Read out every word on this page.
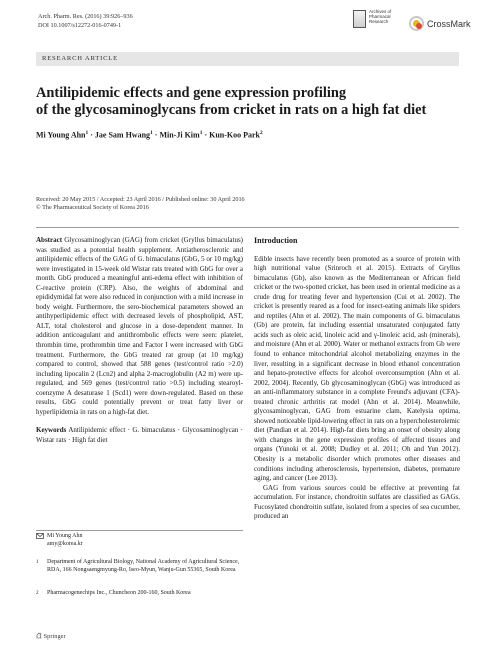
Arch. Pharm. Res. (2016) 39:926–936
DOI 10.1007/s12272-016-0749-1
Archives of
Pharmacal
Research	CrossMark
RESEARCH ARTICLE
Antilipidemic effects and gene expression profiling
of the glycosaminoglycans from cricket in rats on a high fat diet
Mi Young Ahn$^1$ · Jae Sam Hwang$^1$ · Min-Ji Kim$^1$ · Kun-Koo Park$^2$
Received: 20 May 2015 / Accepted: 23 April 2016 / Published online: 30 April 2016
© The Pharmaceutical Society of Korea 2016
Abstract Glycosaminoglycan (GAG) from cricket (Gryllus bimaculatus) was studied as a potential health supplement. Antiatherosclerotic and antilipidemic effects of the GAG of G. bimaculatus (GbG, 5 or 10 mg/kg) were investigated in 15-week old Wistar rats treated with GbG for over a month. GbG produced a meaningful anti-edema effect with inhibition of C-reactive protein (CRP). Also, the weights of abdominal and epididymidal fat were also reduced in conjunction with a mild increase in body weight. Furthermore, the sero-biochemical parameters showed an antihyperlipidemic effect with decreased levels of phospholipid, AST, ALT, total cholesterol and glucose in a dose-dependent manner. In addition anticoagulant and antithrombolic effects were seen: platelet, thrombin time, prothrombin time and Factor I were increased with GbG treatment. Furthermore, the GbG treated rat group (at 10 mg/kg) compared to control, showed that 588 genes (test/control ratio >2.0) including lipocalin 2 (Lcn2) and alpha 2-macroglobulin (A2 m) were up-regulated, and 569 genes (test/control ratio >0.5) including stearoyl-coenzyme A desaturase 1 (Scd1) were down-regulated. Based on these results, GbG could potentially prevent or treat fatty liver or hyperlipidemia in rats on a high-fat diet.
Keywords Antilipidemic effect · G. bimaculatus · Glycosaminoglycan · Wistar rats · High fat diet
Mi Young Ahn
amy@korea.kr
1	Department of Agricultural Biology, National Academy of Agricultural Science, RDA, 166 Nongsaengmyung-Ro, Iseo-Myun, Wanju-Gun 55365, South Korea
2	Pharmacogenechips Inc., Chuncheon 200-160, South Korea
Introduction

Edible insects have recently been promoted as a source of protein with high nutritional value (Srinroch et al. 2015). Extracts of Gryllus bimaculatus (Gb), also known as the Mediterranean or African field cricket or the two-spotted cricket, has been used in oriental medicine as a crude drug for treating fever and hypertension (Cui et al. 2002). The cricket is presently reared as a food for insect-eating animals like spiders and reptiles (Ahn et al. 2002). The main components of G. bimaculatus (Gb) are protein, fat including essential unsaturated conjugated fatty acids such as oleic acid, linoleic acid and γ-linoleic acid, ash (minerals), and moisture (Ahn et al. 2000). Water or methanol extracts from Gb were found to enhance mitochondrial alcohol metabolizing enzymes in the liver, resulting in a significant decrease in blood ethanol concentration and hepato-protective effects for alcohol overconsumption (Ahn et al. 2002, 2004). Recently, Gb glycosaminoglycan (GbG) was introduced as an anti-inflammatory substance in a complete Freund's adjuvant (CFA)-treated chronic arthritis rat model (Ahn et al. 2014). Meanwhile, glycosaminoglycan, GAG from estuarine clam, Katelysia optima, showed noticeable lipid-lowering effect in rats on a hypercholesterolemic diet (Pandian et al. 2014). High-fat diets bring an onset of obesity along with changes in the gene expression profiles of affected tissues and organs (Yunoki et al. 2008; Dudley et al. 2011; Oh and Yun 2012). Obesity is a metabolic disorder which promotes other diseases and conditions including atherosclerosis, hypertension, diabetes, premature aging, and cancer (Lee 2013).

GAG from various sources could be effective at preventing fat accumulation. For instance, chondroitin sulfates are classified as GAGs. Fucosylated chondroitin sulfate, isolated from a species of sea cucumber, produced an

Springer
